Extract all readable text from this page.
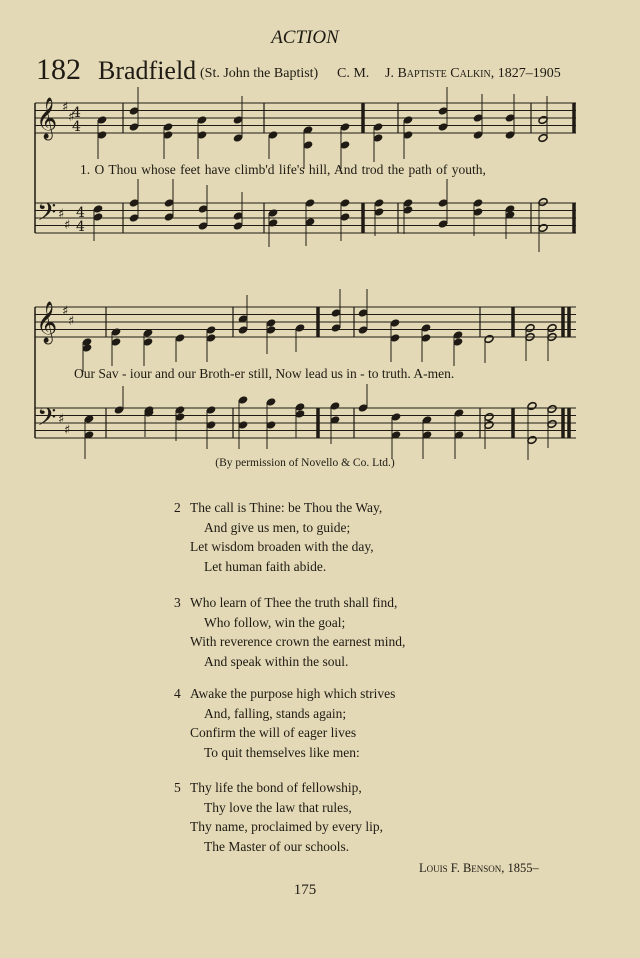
ACTION
182 Bradfield (St. John the Baptist) C. M. J. Baptiste Calkin, 1827–1905
4
4
4
4
𝄞
𝄢
♯
♯
♯
♯
𝄞
𝄢
♯
♯
♯
♯
1. O Thou whose feet have climb'd life's hill, And trod the path of youth,
Our Sav - iour and our Broth-er still, Now lead us in - to truth. A-men.
(By permission of Novello & Co. Ltd.)
2 The call is Thine: be Thou the Way,
And give us men, to guide;
Let wisdom broaden with the day,
Let human faith abide.
3 Who learn of Thee the truth shall find,
Who follow, win the goal;
With reverence crown the earnest mind,
And speak within the soul.
4 Awake the purpose high which strives
And, falling, stands again;
Confirm the will of eager lives
To quit themselves like men:
5 Thy life the bond of fellowship,
Thy love the law that rules,
Thy name, proclaimed by every lip,
The Master of our schools.
Louis F. Benson, 1855–
175
